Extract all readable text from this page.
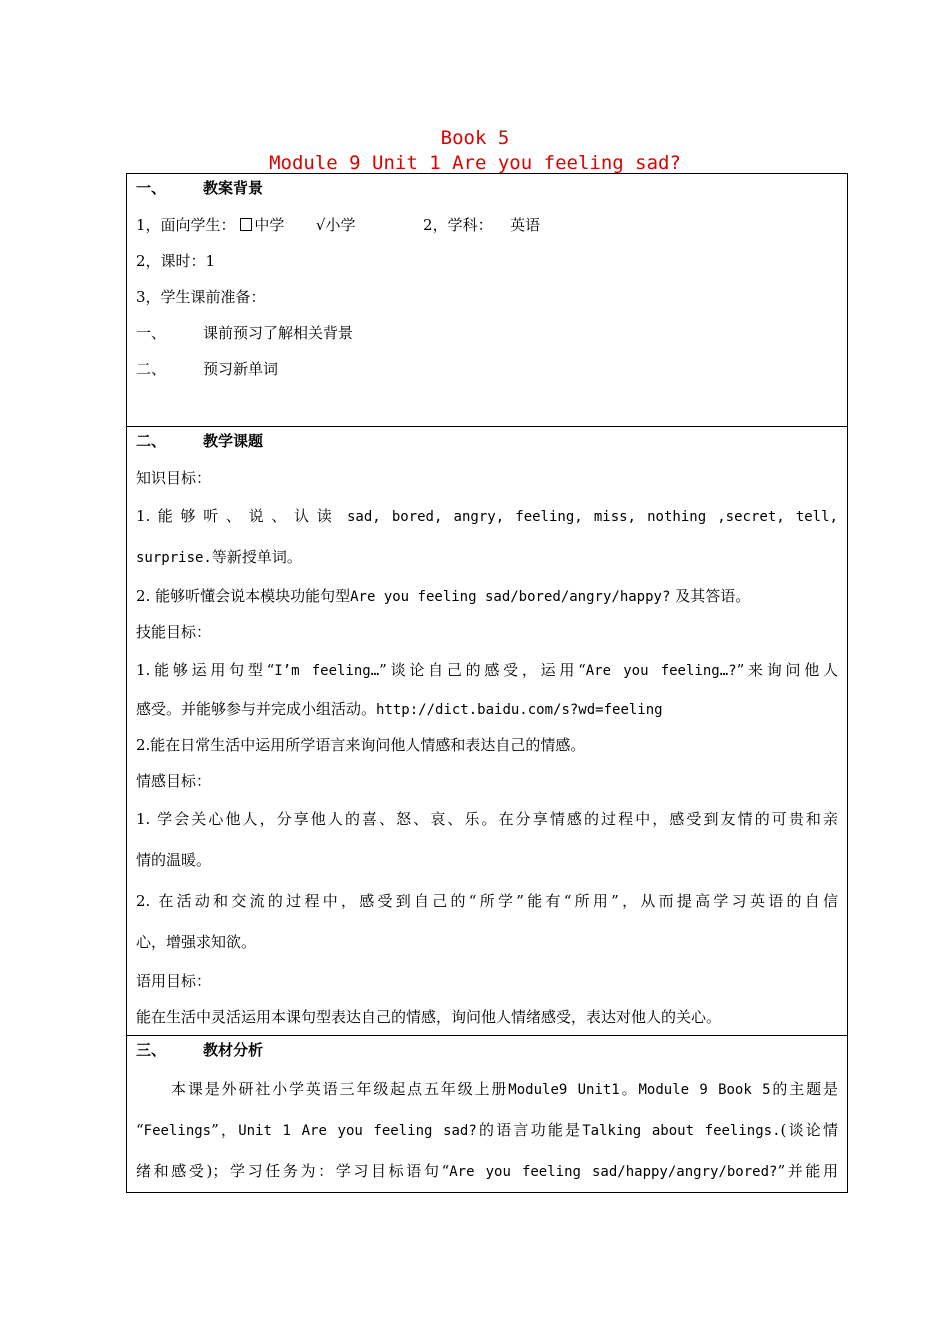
Book 5
Module 9 Unit 1 Are you feeling sad?
一、 教案背景
1，面向学生： 中学 √小学	2，学科： 英语
2，课时：1
3，学生课前准备：
一、 课前预习了解相关背景
二、 预习新单词

二、 教学课题
知识目标：
1. 能够听、说、认读 sad, bored, angry, feeling, miss, nothing ,secret, tell,
surprise.等新授单词。
2. 能够听懂会说本模块功能句型Are you feeling sad/bored/angry/happy? 及其答语。
技能目标：
1.能够运用句型“I’m feeling…”谈论自己的感受，运用“Are you feeling…?”来询问他人
感受。并能够参与并完成小组活动。http://dict.baidu.com/s?wd=feeling
2.能在日常生活中运用所学语言来询问他人情感和表达自己的情感。
情感目标：
1. 学会关心他人，分享他人的喜、怒、哀、乐。在分享情感的过程中，感受到友情的可贵和亲
情的温暖。
2. 在活动和交流的过程中，感受到自己的“所学”能有“所用”，从而提高学习英语的自信
心，增强求知欲。
语用目标：
能在生活中灵活运用本课句型表达自己的情感，询问他人情绪感受，表达对他人的关心。

三、 教材分析
本课是外研社小学英语三年级起点五年级上册Module9 Unit1。Module 9 Book 5的主题是
“Feelings”，Unit 1 Are you feeling sad?的语言功能是Talking about feelings.(谈论情
绪和感受)；学习任务为：学习目标语句“Are you feeling sad/happy/angry/bored?”并能用
